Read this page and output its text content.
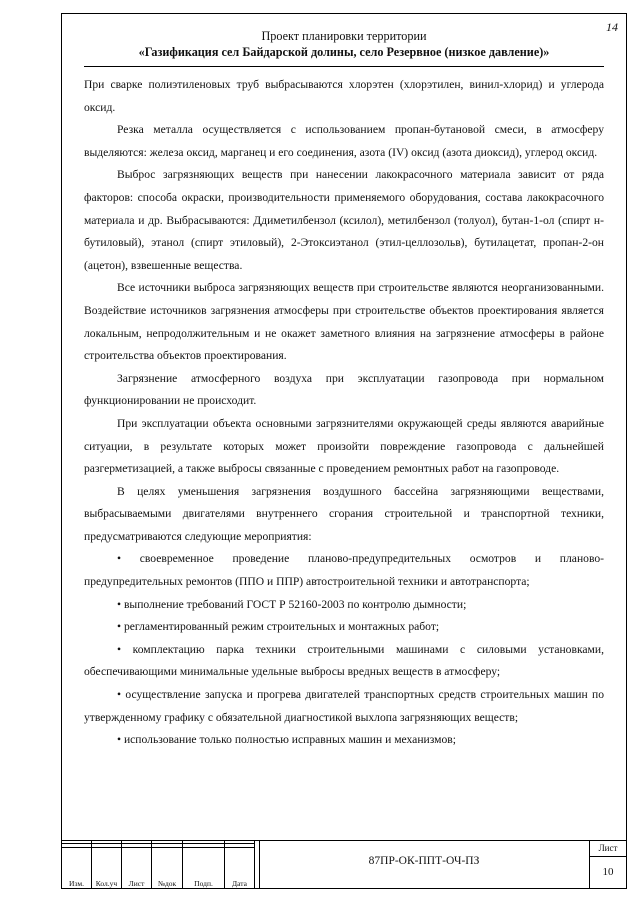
14
Проект планировки территории
«Газификация сел Байдарской долины, село Резервное (низкое давление)»

При сварке полиэтиленовых труб выбрасываются хлорэтен (хлорэтилен, винил-хлорид) и углерода оксид.

Резка металла осуществляется с использованием пропан-бутановой смеси, в атмосферу выделяются: железа оксид, марганец и его соединения, азота (IV) оксид (азота диоксид), углерод оксид.

Выброс загрязняющих веществ при нанесении лакокрасочного материала зависит от ряда факторов: способа окраски, производительности применяемого оборудования, состава лакокрасочного материала и др. Выбрасываются: Ддиметилбензол (ксилол), метилбензол (толуол), бутан-1-ол (спирт н-бутиловый), этанол (спирт этиловый), 2-Этоксиэтанол (этил-целлозольв), бутилацетат, пропан-2-он (ацетон), взвешенные вещества.

Все источники выброса загрязняющих веществ при строительстве являются неорганизованными. Воздействие источников загрязнения атмосферы при строительстве объектов проектирования является локальным, непродолжительным и не окажет заметного влияния на загрязнение атмосферы в районе строительства объектов проектирования.

Загрязнение атмосферного воздуха при эксплуатации газопровода при нормальном функционировании не происходит.

При эксплуатации объекта основными загрязнителями окружающей среды являются аварийные ситуации, в результате которых может произойти повреждение газопровода с дальнейшей разгерметизацией, а также выбросы связанные с проведением ремонтных работ на газопроводе.

В целях уменьшения загрязнения воздушного бассейна загрязняющими веществами, выбрасываемыми двигателями внутреннего сгорания строительной и транспортной техники, предусматриваются следующие мероприятия:

• своевременное проведение планово-предупредительных осмотров и планово-предупредительных ремонтов (ППО и ППР) автостроительной техники и автотранспорта;

• выполнение требований ГОСТ Р 52160-2003 по контролю дымности;

• регламентированный режим строительных и монтажных работ;

• комплектацию парка техники строительными машинами с силовыми установками, обеспечивающими минимальные удельные выбросы вредных веществ в атмосферу;

• осуществление запуска и прогрева двигателей транспортных средств строительных машин по утвержденному графику с обязательной диагностикой выхлопа загрязняющих веществ;

• использование только полностью исправных машин и механизмов;

Изм.	Кол.уч	Лист	№док	Подп.	Дата
87ПР-ОК-ППТ-ОЧ-ПЗ
Лист
10
